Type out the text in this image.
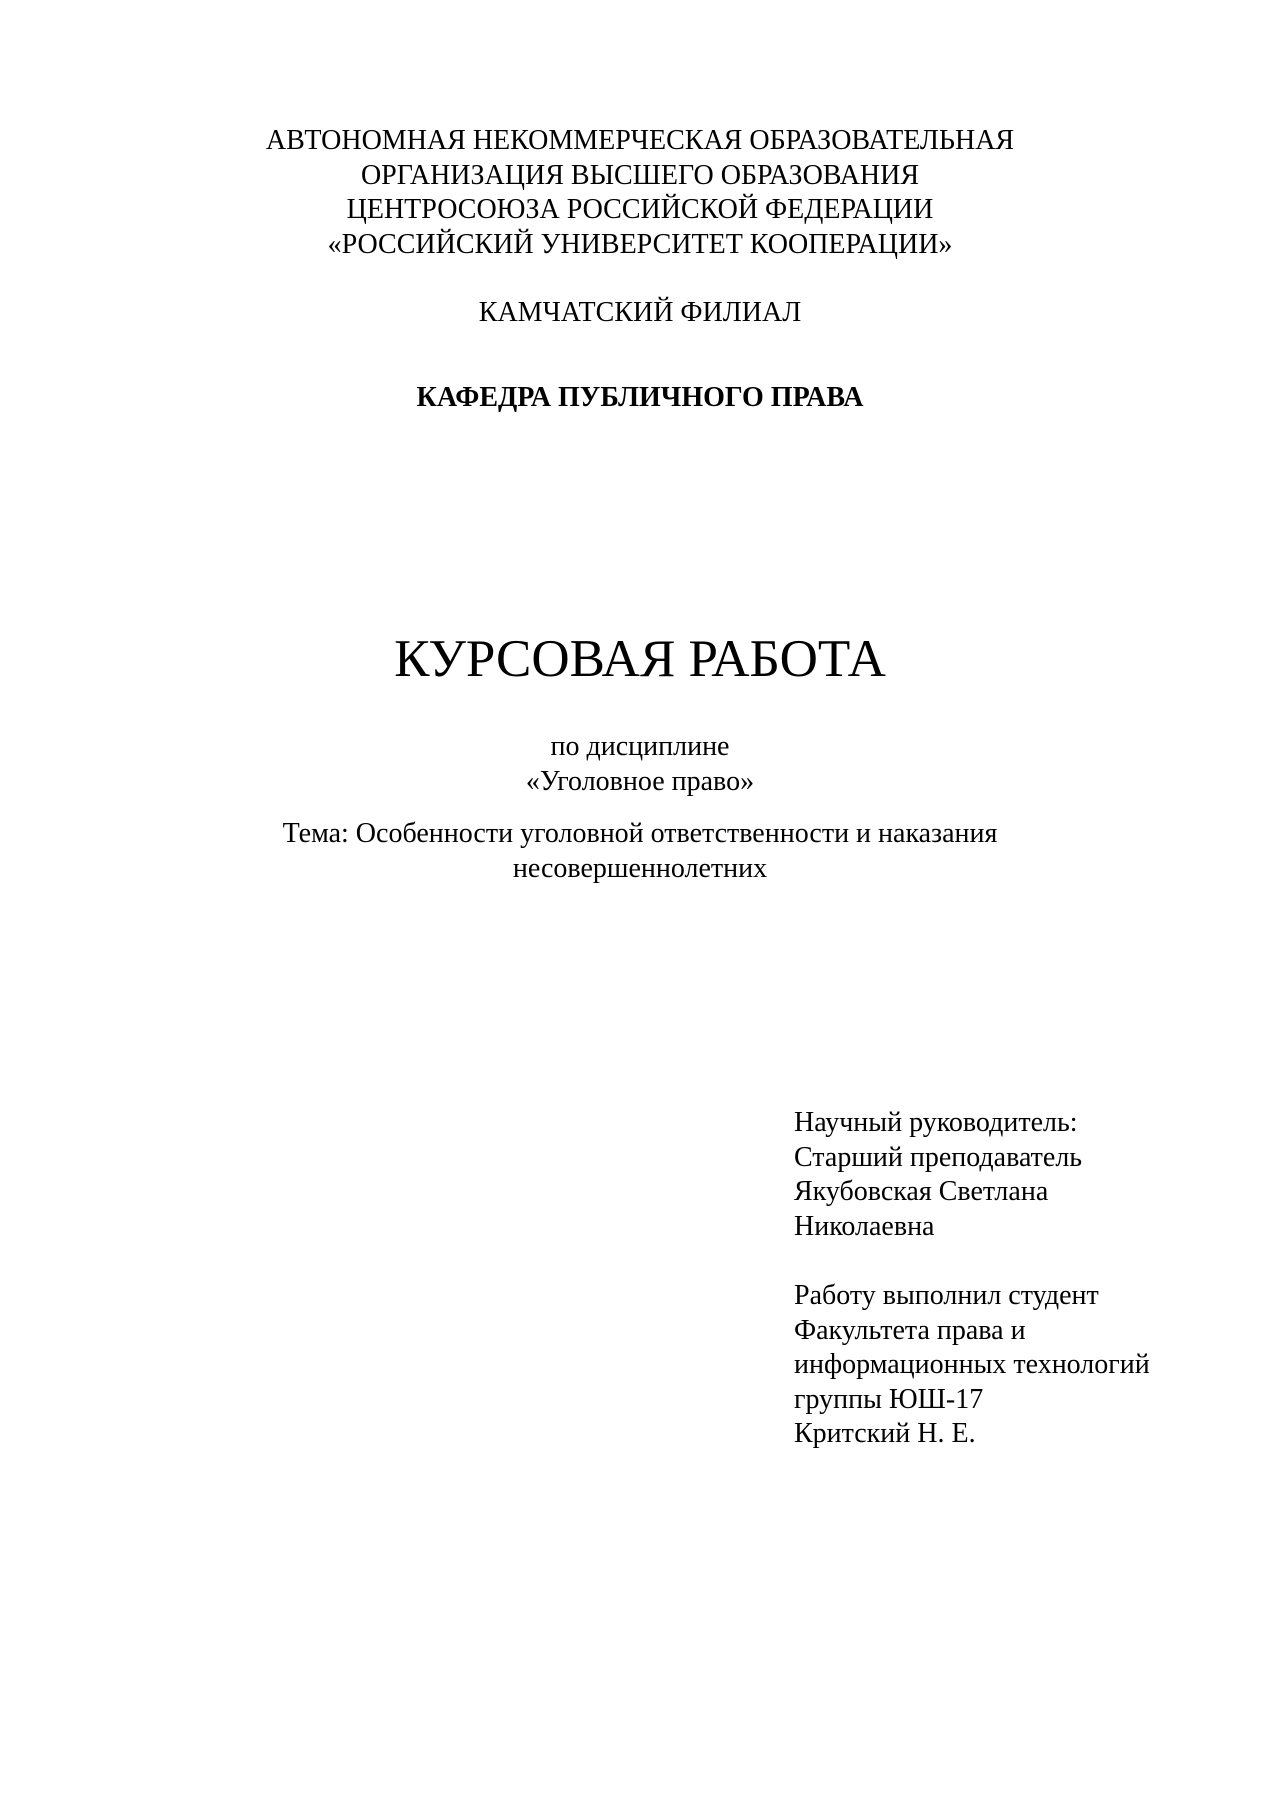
АВТОНОМНАЯ НЕКОММЕРЧЕСКАЯ ОБРАЗОВАТЕЛЬНАЯ
ОРГАНИЗАЦИЯ ВЫСШЕГО ОБРАЗОВАНИЯ
ЦЕНТРОСОЮЗА РОССИЙСКОЙ ФЕДЕРАЦИИ
«РОССИЙСКИЙ УНИВЕРСИТЕТ КООПЕРАЦИИ»
КАМЧАТСКИЙ ФИЛИАЛ
КАФЕДРА ПУБЛИЧНОГО ПРАВА
КУРСОВАЯ РАБОТА
по дисциплине
«Уголовное право»
Тема: Особенности уголовной ответственности и наказания
несовершеннолетних
Научный руководитель:
Старший преподаватель
Якубовская Светлана
Николаевна
Работу выполнил студент
Факультета права и
информационных технологий
группы ЮШ-17
Критский Н. Е.
